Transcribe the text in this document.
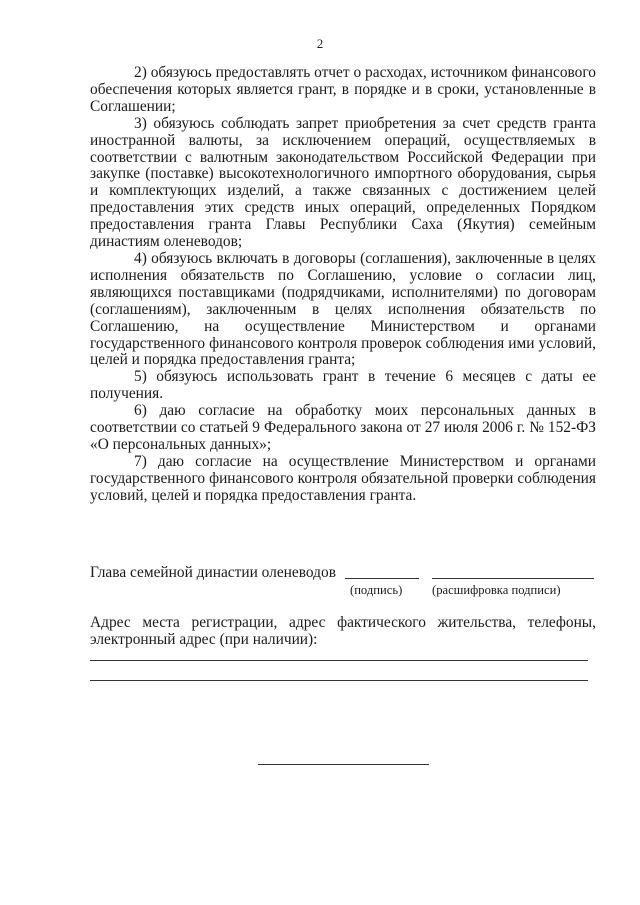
2

2) обязуюсь предоставлять отчет о расходах, источником финансового обеспечения которых является грант, в порядке и в сроки, установленные в Соглашении;

3) обязуюсь соблюдать запрет приобретения за счет средств гранта иностранной валюты, за исключением операций, осуществляемых в соответствии с валютным законодательством Российской Федерации при закупке (поставке) высокотехнологичного импортного оборудования, сырья и комплектующих изделий, а также связанных с достижением целей предоставления этих средств иных операций, определенных Порядком предоставления гранта Главы Республики Саха (Якутия) семейным династиям оленеводов;

4) обязуюсь включать в договоры (соглашения), заключенные в целях исполнения обязательств по Соглашению, условие о согласии лиц, являющихся поставщиками (подрядчиками, исполнителями) по договорам (соглашениям), заключенным в целях исполнения обязательств по Соглашению, на осуществление Министерством и органами государственного финансового контроля проверок соблюдения ими условий, целей и порядка предоставления гранта;

5) обязуюсь использовать грант в течение 6 месяцев с даты ее получения.

6) даю согласие на обработку моих персональных данных в соответствии со статьей 9 Федерального закона от 27 июля 2006 г. № 152-ФЗ «О персональных данных»;

7) даю согласие на осуществление Министерством и органами государственного финансового контроля обязательной проверки соблюдения условий, целей и порядка предоставления гранта.

Глава семейной династии оленеводов
(подпись) (расшифровка подписи)
Адрес места регистрации, адрес фактического жительства, телефоны, электронный адрес (при наличии):
